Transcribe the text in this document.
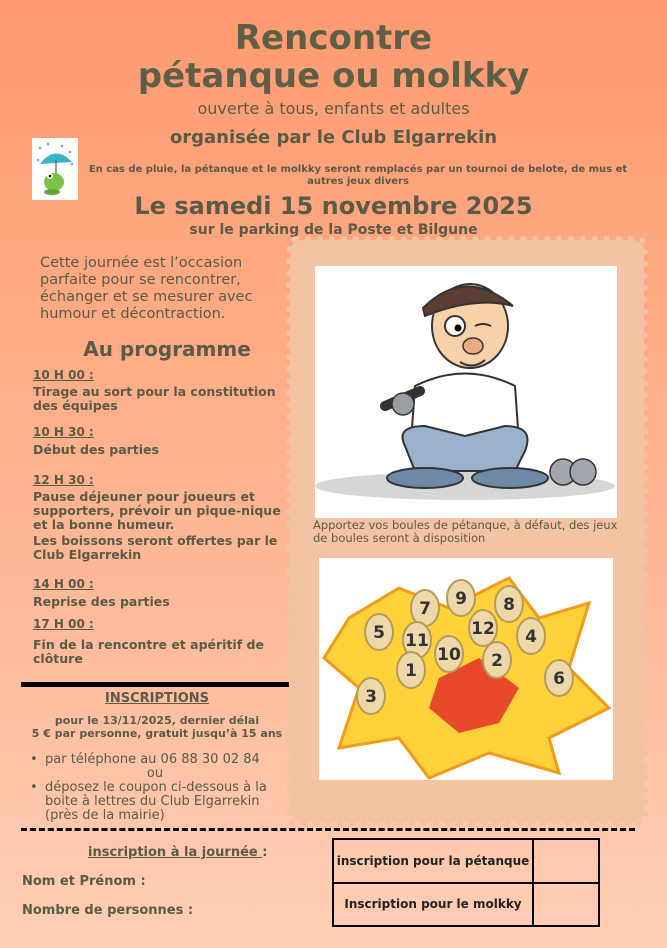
Rencontre
pétanque ou molkky
ouverte à tous, enfants et adultes
organisée par le Club Elgarrekin
En cas de pluie, la pétanque et le molkky seront remplacés par un tournoi de belote, de mus et autres jeux divers
Le samedi 15 novembre 2025
sur le parking de la Poste et Bilgune
Cette journée est l’occasion parfaite pour se rencontrer, échanger et se mesurer avec humour et décontraction.
Au programme
10 H 00 :
Tirage au sort pour la constitution des équipes
10 H 30 :
Début des parties
12 H 30 :
Pause déjeuner pour joueurs et supporters, prévoir un pique-nique et la bonne humeur.
Les boissons seront offertes par le Club Elgarrekin
14 H 00 :
Reprise des parties
17 H 00 :
Fin de la rencontre et apéritif de clôture
INSCRIPTIONS
pour le 13/11/2025, dernier délai
5 € par personne, gratuit jusqu’à 15 ans
• par téléphone au 06 88 30 02 84
ou
• déposez le coupon ci-dessous à la boite à lettres du Club Elgarrekin (près de la mairie)
Apportez vos boules de pétanque, à défaut, des jeux de boules seront à disposition
7 9 8
5 11
12 4
1
10 2
3
6
inscription à la journée :
Nom et Prénom :
Nombre de personnes :
inscription pour la pétanque	
Inscription pour le molkky	
